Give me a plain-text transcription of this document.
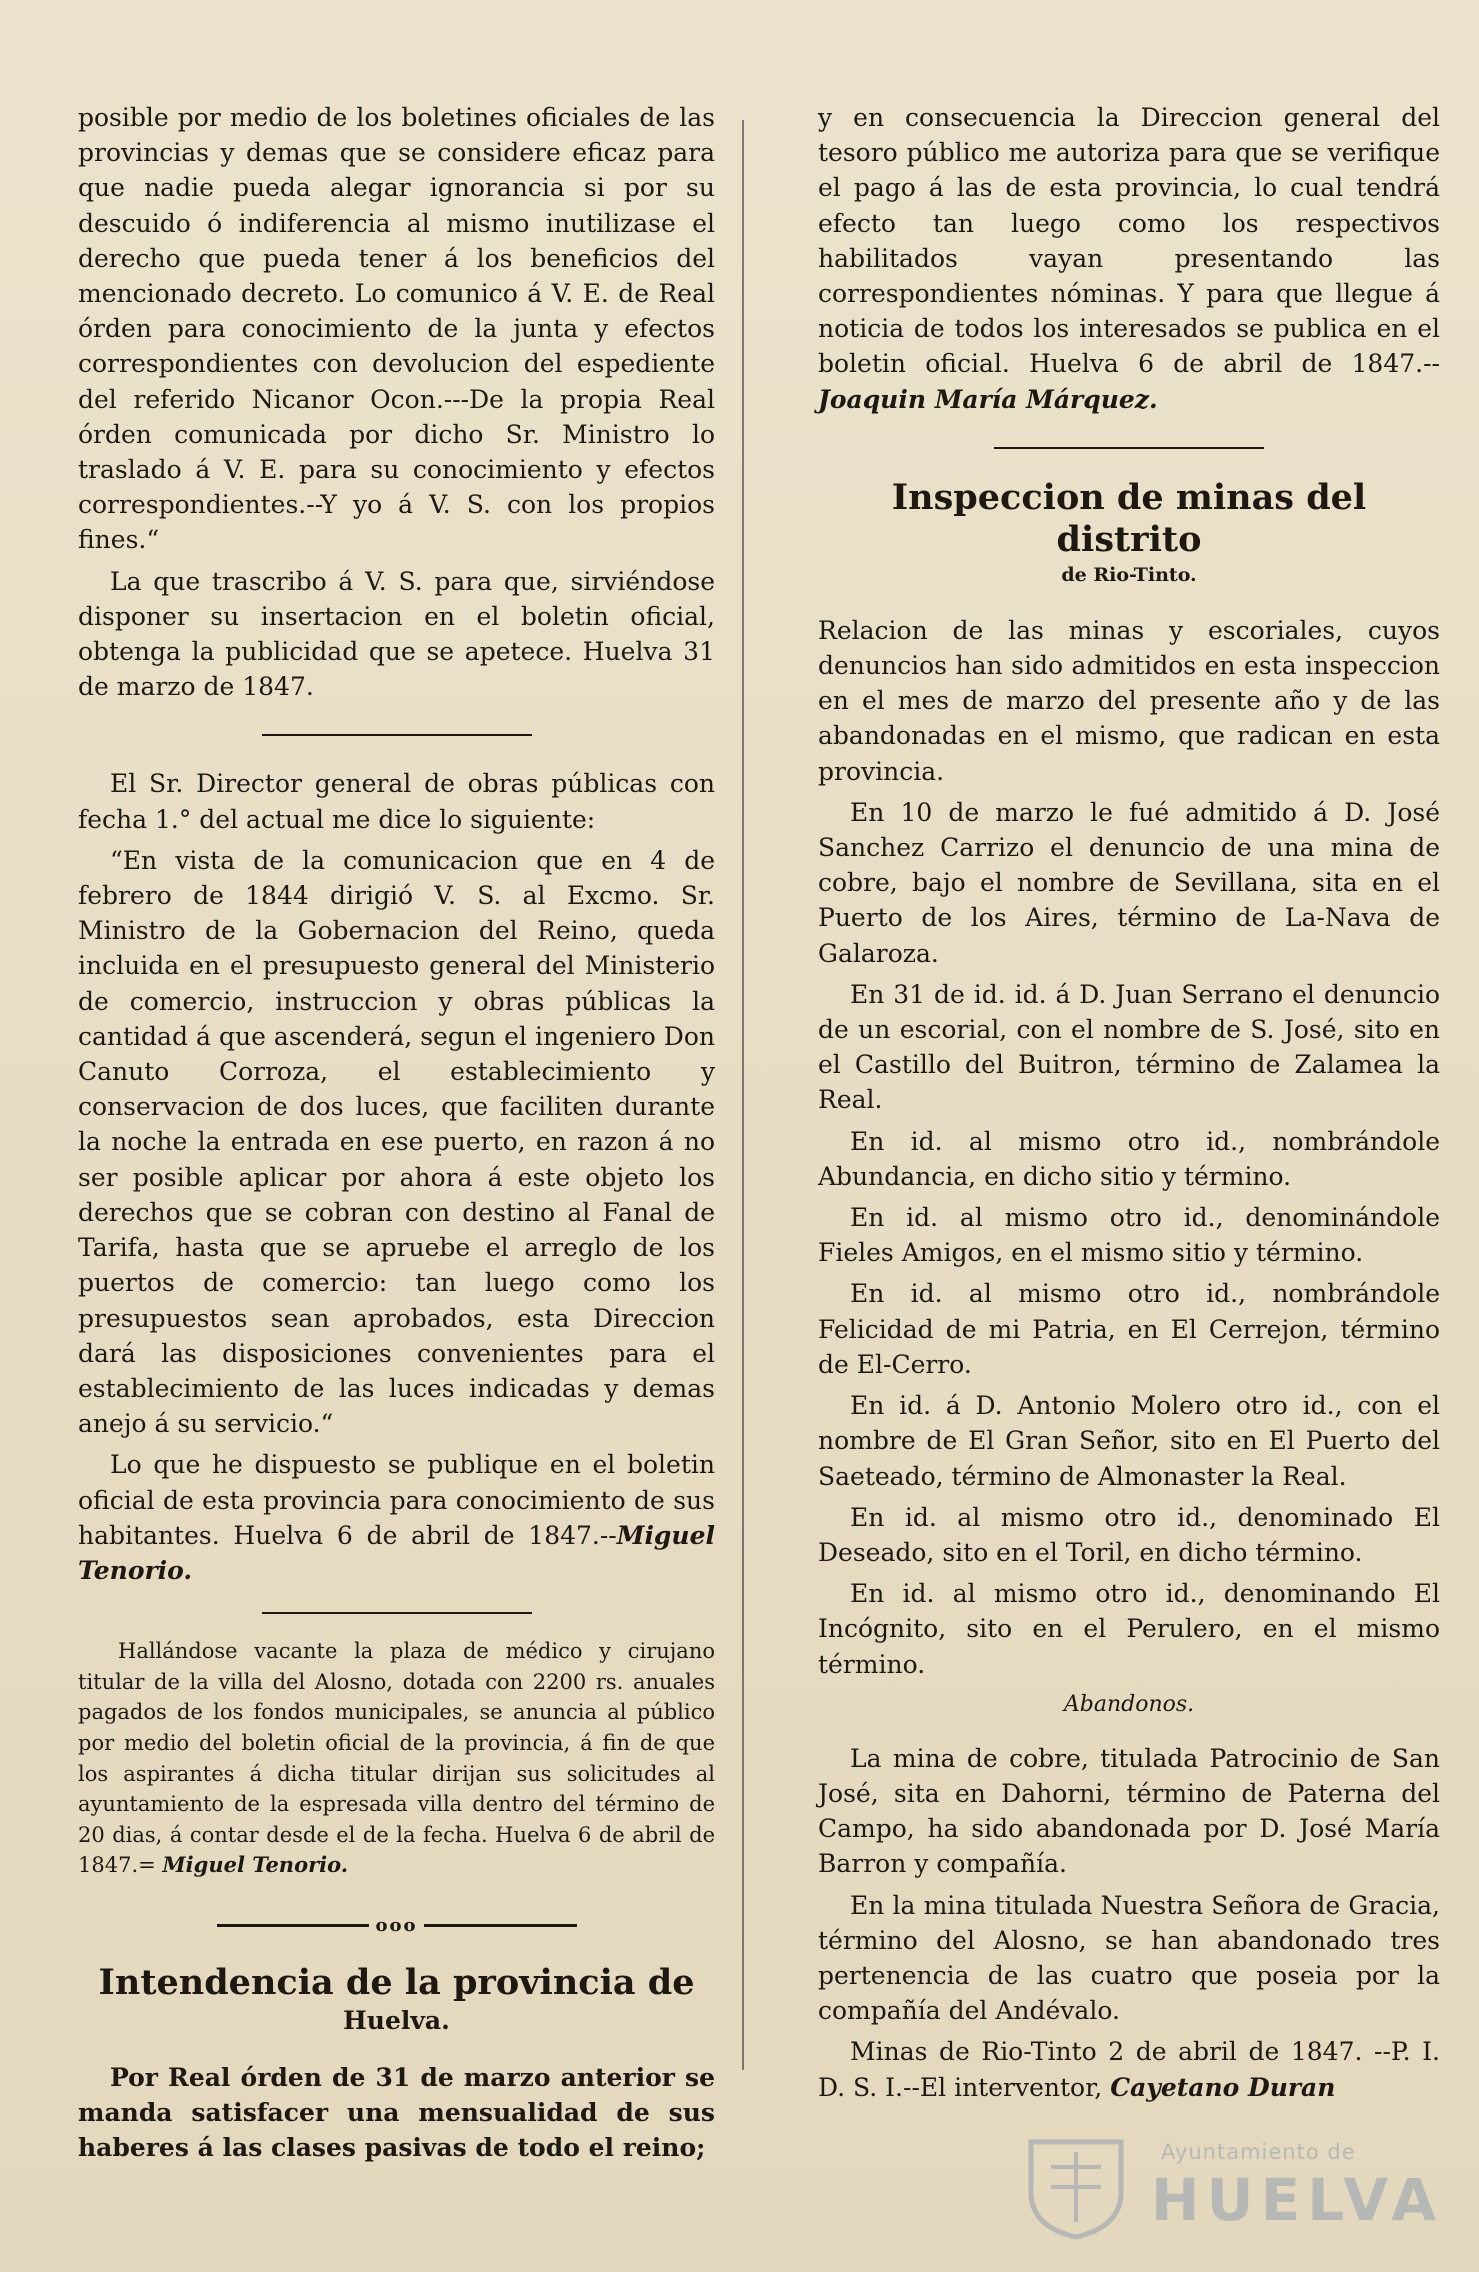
posible por medio de los boletines oficiales de las provincias y demas que se considere eficaz para que nadie pueda alegar ignorancia si por su descuido ó indiferencia al mismo inutilizase el derecho que pueda tener á los beneficios del mencionado decreto. Lo comunico á V. E. de Real órden para conocimiento de la junta y efectos correspondientes con devolucion del espediente del referido Nicanor Ocon.---De la propia Real órden comunicada por dicho Sr. Ministro lo traslado á V. E. para su conocimiento y efectos correspondientes.--Y yo á V. S. con los propios fines.“

La que trascribo á V. S. para que, sirviéndose disponer su insertacion en el boletin oficial, obtenga la publicidad que se apetece. Huelva 31 de marzo de 1847.

El Sr. Director general de obras públicas con fecha 1.° del actual me dice lo siguiente:

“En vista de la comunicacion que en 4 de febrero de 1844 dirigió V. S. al Excmo. Sr. Ministro de la Gobernacion del Reino, queda incluida en el presupuesto general del Ministerio de comercio, instruccion y obras públicas la cantidad á que ascenderá, segun el ingeniero Don Canuto Corroza, el establecimiento y conservacion de dos luces, que faciliten durante la noche la entrada en ese puerto, en razon á no ser posible aplicar por ahora á este objeto los derechos que se cobran con destino al Fanal de Tarifa, hasta que se apruebe el arreglo de los puertos de comercio: tan luego como los presupuestos sean aprobados, esta Direccion dará las disposiciones convenientes para el establecimiento de las luces indicadas y demas anejo á su servicio.“

Lo que he dispuesto se publique en el boletin oficial de esta provincia para conocimiento de sus habitantes. Huelva 6 de abril de 1847.--Miguel Tenorio.

Hallándose vacante la plaza de médico y cirujano titular de la villa del Alosno, dotada con 2200 rs. anuales pagados de los fondos municipales, se anuncia al público por medio del boletin oficial de la provincia, á fin de que los aspirantes á dicha titular dirijan sus solicitudes al ayuntamiento de la espresada villa dentro del término de 20 dias, á contar desde el de la fecha. Huelva 6 de abril de 1847.= Miguel Tenorio.

ooo
Intendencia de la provincia de

Huelva.

Por Real órden de 31 de marzo anterior se manda satisfacer una mensualidad de sus haberes á las clases pasivas de todo el reino;

y en consecuencia la Direccion general del tesoro público me autoriza para que se verifique el pago á las de esta provincia, lo cual tendrá efecto tan luego como los respectivos habilitados vayan presentando las correspondientes nóminas. Y para que llegue á noticia de todos los interesados se publica en el boletin oficial. Huelva 6 de abril de 1847.--Joaquin María Márquez.

Inspeccion de minas del distrito

de Rio-Tinto.

Relacion de las minas y escoriales, cuyos denuncios han sido admitidos en esta inspeccion en el mes de marzo del presente año y de las abandonadas en el mismo, que radican en esta provincia.

En 10 de marzo le fué admitido á D. José Sanchez Carrizo el denuncio de una mina de cobre, bajo el nombre de Sevillana, sita en el Puerto de los Aires, término de La-Nava de Galaroza.

En 31 de id. id. á D. Juan Serrano el denuncio de un escorial, con el nombre de S. José, sito en el Castillo del Buitron, término de Zalamea la Real.

En id. al mismo otro id., nombrándole Abundancia, en dicho sitio y término.

En id. al mismo otro id., denominándole Fieles Amigos, en el mismo sitio y término.

En id. al mismo otro id., nombrándole Felicidad de mi Patria, en El Cerrejon, término de El-Cerro.

En id. á D. Antonio Molero otro id., con el nombre de El Gran Señor, sito en El Puerto del Saeteado, término de Almonaster la Real.

En id. al mismo otro id., denominado El Deseado, sito en el Toril, en dicho término.

En id. al mismo otro id., denominando El Incógnito, sito en el Perulero, en el mismo término.

Abandonos.

La mina de cobre, titulada Patrocinio de San José, sita en Dahorni, término de Paterna del Campo, ha sido abandonada por D. José María Barron y compañía.

En la mina titulada Nuestra Señora de Gracia, término del Alosno, se han abandonado tres pertenencia de las cuatro que poseia por la compañía del Andévalo.

Minas de Rio-Tinto 2 de abril de 1847. --P. I. D. S. I.--El interventor, Cayetano Duran

Ayuntamiento de
HUELVA
